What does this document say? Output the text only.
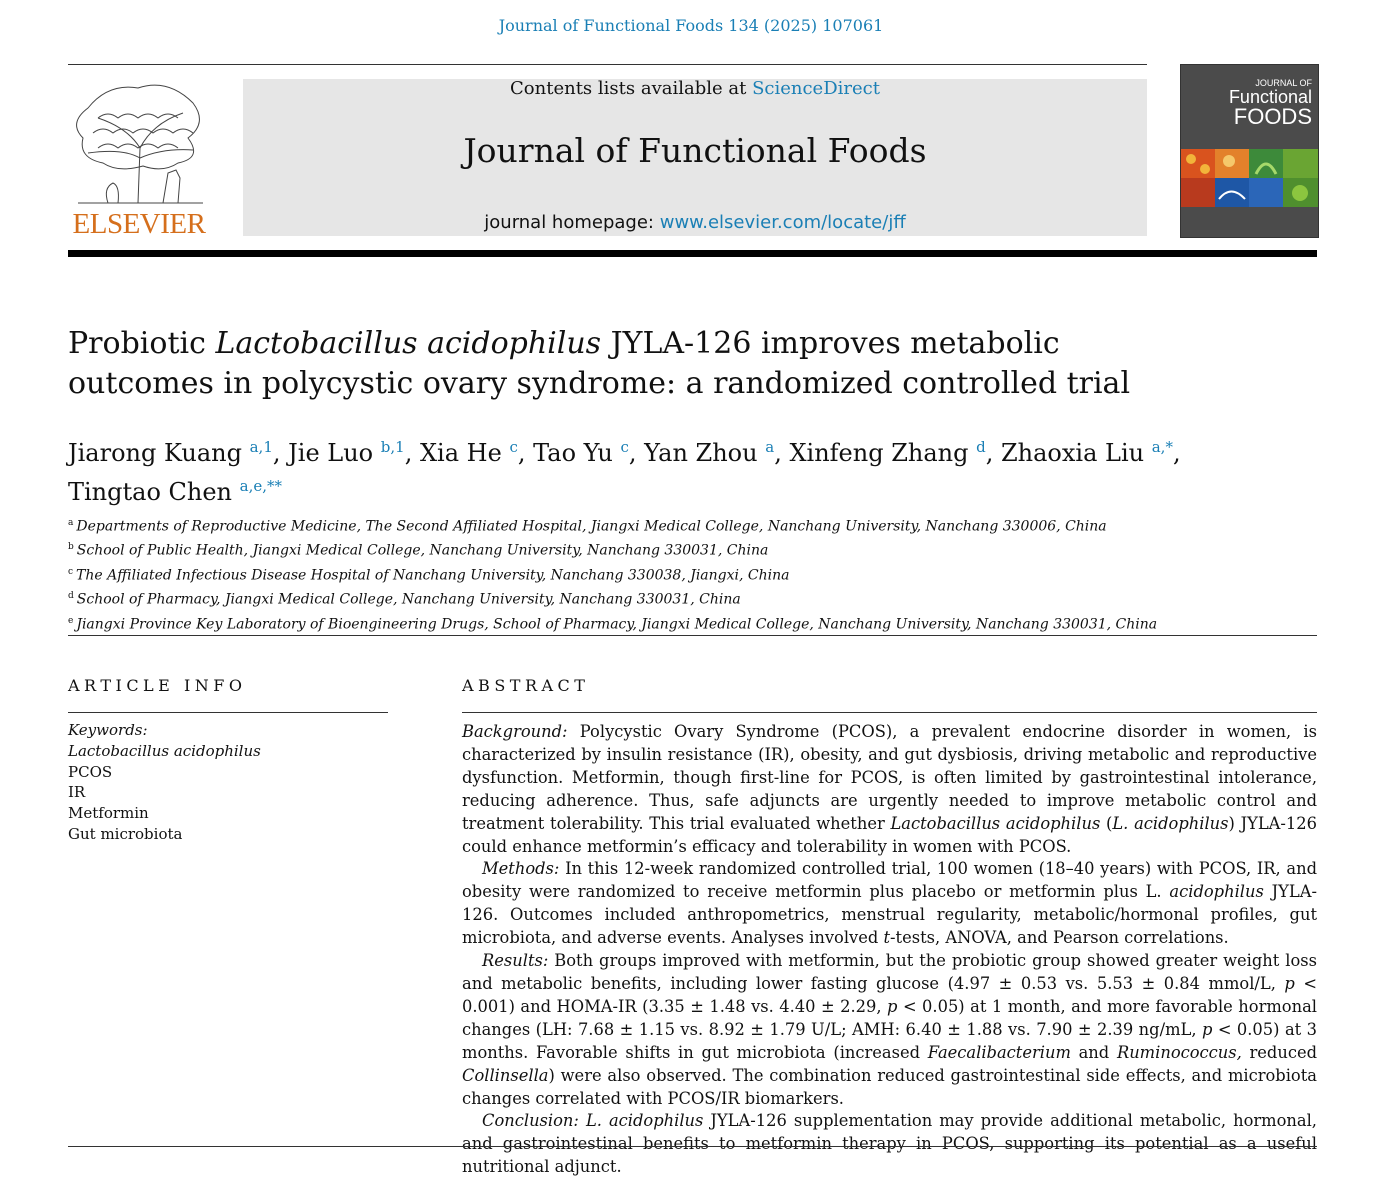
Journal of Functional Foods 134 (2025) 107061
ELSEVIER
Contents lists available at ScienceDirect
Journal of Functional Foods
journal homepage: www.elsevier.com/locate/jff
JOURNAL OF
Functional
FOODS
Probiotic Lactobacillus acidophilus JYLA-126 improves metabolic outcomes in polycystic ovary syndrome: a randomized controlled trial
Jiarong Kuang $^{a,1}$, Jie Luo $^{b,1}$, Xia He $^c$, Tao Yu $^c$, Yan Zhou $^a$, Xinfeng Zhang $^d$, Zhaoxia Liu $^{a,*}$,
Tingtao Chen $^{a,e,**}$
$^a$ Departments of Reproductive Medicine, The Second Affiliated Hospital, Jiangxi Medical College, Nanchang University, Nanchang 330006, China
$^b$ School of Public Health, Jiangxi Medical College, Nanchang University, Nanchang 330031, China
$^c$ The Affiliated Infectious Disease Hospital of Nanchang University, Nanchang 330038, Jiangxi, China
$^d$ School of Pharmacy, Jiangxi Medical College, Nanchang University, Nanchang 330031, China
$^e$ Jiangxi Province Key Laboratory of Bioengineering Drugs, School of Pharmacy, Jiangxi Medical College, Nanchang University, Nanchang 330031, China
ARTICLE INFO
Keywords:
Lactobacillus acidophilus
PCOS
IR
Metformin
Gut microbiota
ABSTRACT

Background: Polycystic Ovary Syndrome (PCOS), a prevalent endocrine disorder in women, is characterized by insulin resistance (IR), obesity, and gut dysbiosis, driving metabolic and reproductive dysfunction. Metformin, though first-line for PCOS, is often limited by gastrointestinal intolerance, reducing adherence. Thus, safe adjuncts are urgently needed to improve metabolic control and treatment tolerability. This trial evaluated whether Lactobacillus acidophilus (L. acidophilus) JYLA-126 could enhance metformin’s efficacy and tolerability in women with PCOS.

Methods: In this 12-week randomized controlled trial, 100 women (18–40 years) with PCOS, IR, and obesity were randomized to receive metformin plus placebo or metformin plus L. acidophilus JYLA-126. Outcomes included anthropometrics, menstrual regularity, metabolic/hormonal profiles, gut microbiota, and adverse events. Analyses involved t-tests, ANOVA, and Pearson correlations.

Results: Both groups improved with metformin, but the probiotic group showed greater weight loss and metabolic benefits, including lower fasting glucose (4.97 ± 0.53 vs. 5.53 ± 0.84 mmol/L, p < 0.001) and HOMA-IR (3.35 ± 1.48 vs. 4.40 ± 2.29, p < 0.05) at 1 month, and more favorable hormonal changes (LH: 7.68 ± 1.15 vs. 8.92 ± 1.79 U/L; AMH: 6.40 ± 1.88 vs. 7.90 ± 2.39 ng/mL, p < 0.05) at 3 months. Favorable shifts in gut microbiota (increased Faecalibacterium and Ruminococcus, reduced Collinsella) were also observed. The combination reduced gastrointestinal side effects, and microbiota changes correlated with PCOS/IR biomarkers.

Conclusion: L. acidophilus JYLA-126 supplementation may provide additional metabolic, hormonal, and gastrointestinal benefits to metformin therapy in PCOS, supporting its potential as a useful nutritional adjunct.
